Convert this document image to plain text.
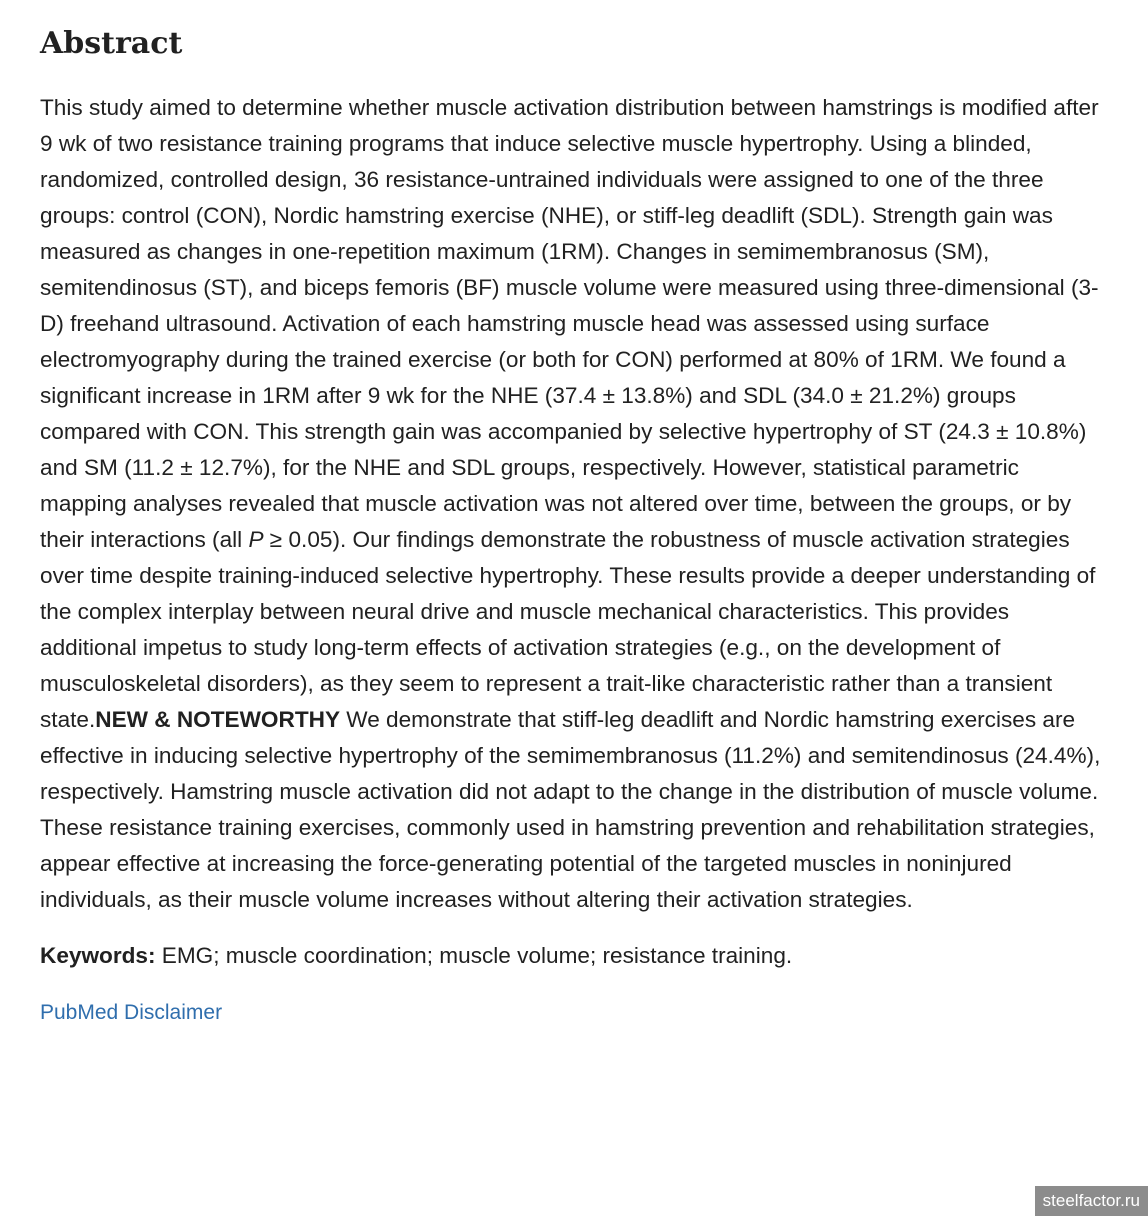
Abstract

This study aimed to determine whether muscle activation distribution between hamstrings is modified after 9 wk of two resistance training programs that induce selective muscle hypertrophy. Using a blinded, randomized, controlled design, 36 resistance-untrained individuals were assigned to one of the three groups: control (CON), Nordic hamstring exercise (NHE), or stiff-leg deadlift (SDL). Strength gain was measured as changes in one-repetition maximum (1RM). Changes in semimembranosus (SM), semitendinosus (ST), and biceps femoris (BF) muscle volume were measured using three-dimensional (3-D) freehand ultrasound. Activation of each hamstring muscle head was assessed using surface electromyography during the trained exercise (or both for CON) performed at 80% of 1RM. We found a significant increase in 1RM after 9 wk for the NHE (37.4 ± 13.8%) and SDL (34.0 ± 21.2%) groups compared with CON. This strength gain was accompanied by selective hypertrophy of ST (24.3 ± 10.8%) and SM (11.2 ± 12.7%), for the NHE and SDL groups, respectively. However, statistical parametric mapping analyses revealed that muscle activation was not altered over time, between the groups, or by their interactions (all P ≥ 0.05). Our findings demonstrate the robustness of muscle activation strategies over time despite training-induced selective hypertrophy. These results provide a deeper understanding of the complex interplay between neural drive and muscle mechanical characteristics. This provides additional impetus to study long-term effects of activation strategies (e.g., on the development of musculoskeletal disorders), as they seem to represent a trait-like characteristic rather than a transient state.NEW & NOTEWORTHY We demonstrate that stiff-leg deadlift and Nordic hamstring exercises are effective in inducing selective hypertrophy of the semimembranosus (11.2%) and semitendinosus (24.4%), respectively. Hamstring muscle activation did not adapt to the change in the distribution of muscle volume. These resistance training exercises, commonly used in hamstring prevention and rehabilitation strategies, appear effective at increasing the force-generating potential of the targeted muscles in noninjured individuals, as their muscle volume increases without altering their activation strategies.

Keywords: EMG; muscle coordination; muscle volume; resistance training.

PubMed Disclaimer
steelfactor.ru
